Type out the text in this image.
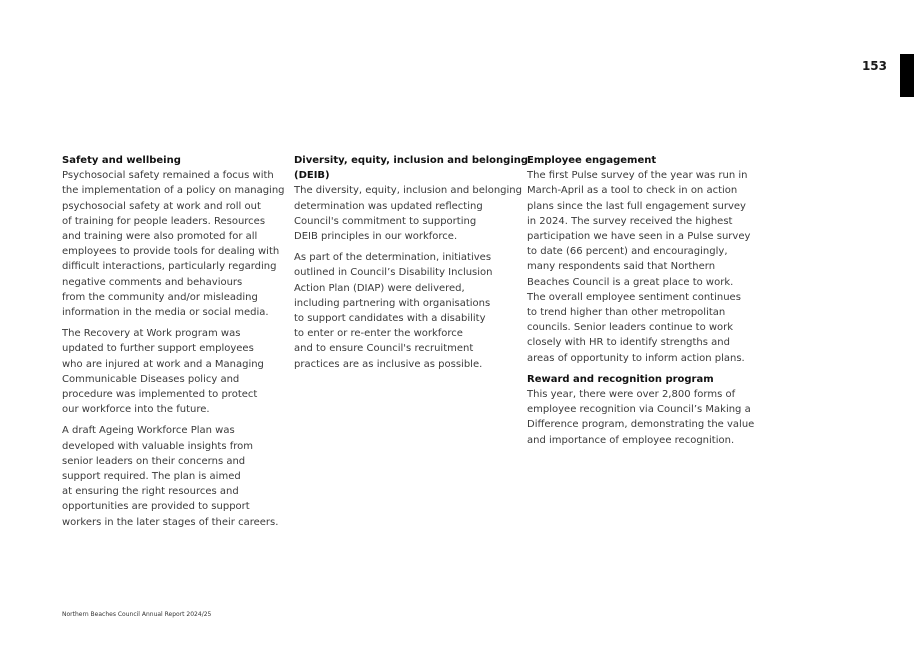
153
Safety and wellbeing

Psychosocial safety remained a focus with
the implementation of a policy on managing
psychosocial safety at work and roll out
of training for people leaders. Resources
and training were also promoted for all
employees to provide tools for dealing with
difficult interactions, particularly regarding
negative comments and behaviours
from the community and/or misleading
information in the media or social media.

The Recovery at Work program was
updated to further support employees
who are injured at work and a Managing
Communicable Diseases policy and
procedure was implemented to protect
our workforce into the future.

A draft Ageing Workforce Plan was
developed with valuable insights from
senior leaders on their concerns and
support required. The plan is aimed
at ensuring the right resources and
opportunities are provided to support
workers in the later stages of their careers.

Diversity, equity, inclusion and belonging
(DEIB)

The diversity, equity, inclusion and belonging
determination was updated reflecting
Council's commitment to supporting
DEIB principles in our workforce.

As part of the determination, initiatives
outlined in Council’s Disability Inclusion
Action Plan (DIAP) were delivered,
including partnering with organisations
to support candidates with a disability
to enter or re-enter the workforce
and to ensure Council's recruitment
practices are as inclusive as possible.

Employee engagement

The first Pulse survey of the year was run in
March-April as a tool to check in on action
plans since the last full engagement survey
in 2024. The survey received the highest
participation we have seen in a Pulse survey
to date (66 percent) and encouragingly,
many respondents said that Northern
Beaches Council is a great place to work.
The overall employee sentiment continues
to trend higher than other metropolitan
councils. Senior leaders continue to work
closely with HR to identify strengths and
areas of opportunity to inform action plans.

Reward and recognition program

This year, there were over 2,800 forms of
employee recognition via Council’s Making a
Difference program, demonstrating the value
and importance of employee recognition.

Northern Beaches Council Annual Report 2024/25
